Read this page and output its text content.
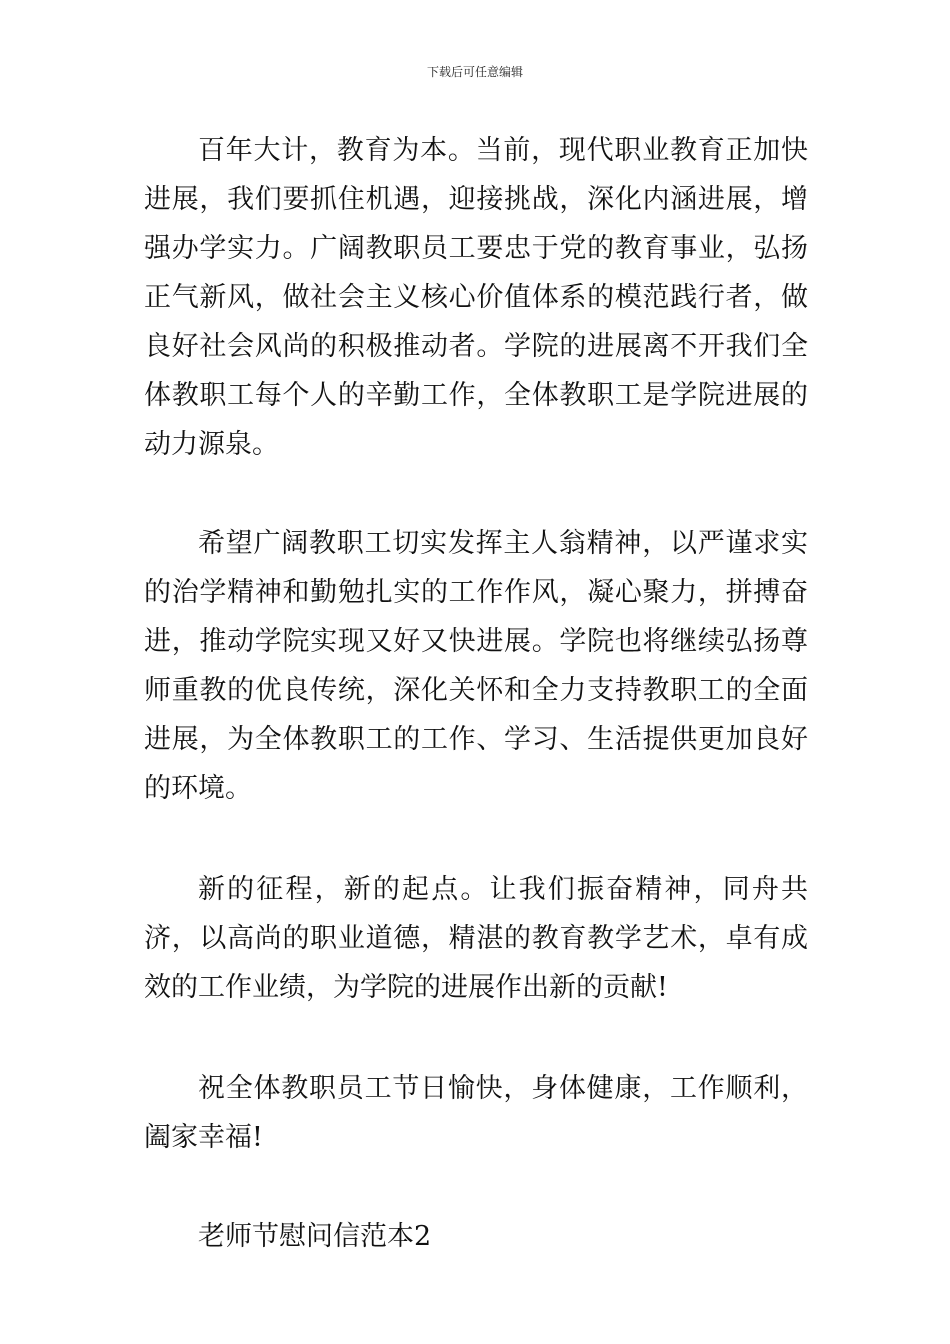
下载后可任意编辑

百年大计，教育为本。当前，现代职业教育正加快进展，我们要抓住机遇，迎接挑战，深化内涵进展，增强办学实力。广阔教职员工要忠于党的教育事业，弘扬正气新风，做社会主义核心价值体系的模范践行者，做良好社会风尚的积极推动者。学院的进展离不开我们全体教职工每个人的辛勤工作，全体教职工是学院进展的动力源泉。

希望广阔教职工切实发挥主人翁精神，以严谨求实的治学精神和勤勉扎实的工作作风，凝心聚力，拼搏奋进，推动学院实现又好又快进展。学院也将继续弘扬尊师重教的优良传统，深化关怀和全力支持教职工的全面进展，为全体教职工的工作、学习、生活提供更加良好的环境。

新的征程，新的起点。让我们振奋精神，同舟共济，以高尚的职业道德，精湛的教育教学艺术，卓有成效的工作业绩，为学院的进展作出新的贡献!

祝全体教职员工节日愉快，身体健康，工作顺利，阖家幸福!

老师节慰问信范本2
